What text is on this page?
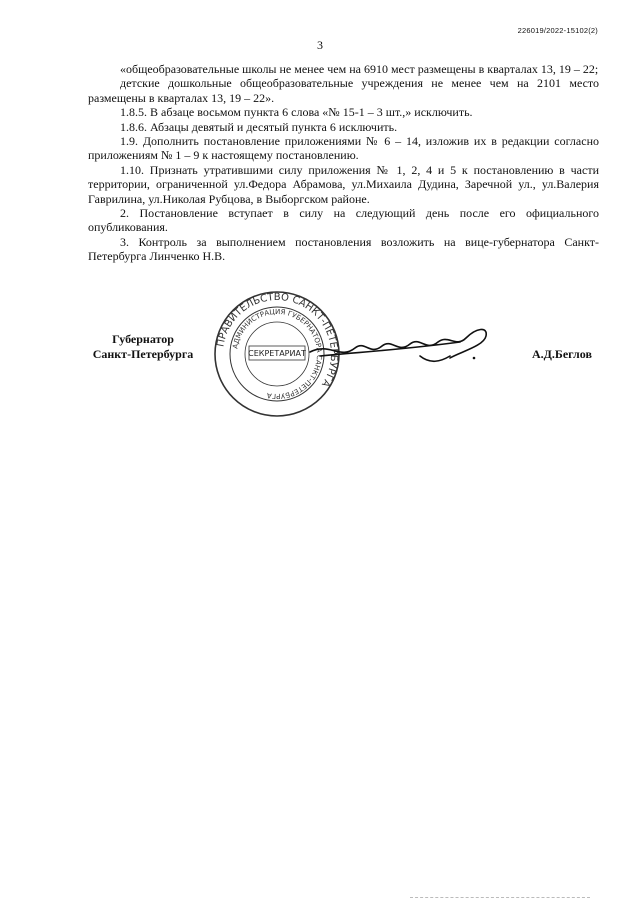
226019/2022-15102(2)
3

«общеобразовательные школы не менее чем на 6910 мест размещены в кварталах 13, 19 – 22;

детские дошкольные общеобразовательные учреждения не менее чем на 2101 место размещены в кварталах 13, 19 – 22».

1.8.5. В абзаце восьмом пункта 6 слова «№ 15-1 – 3 шт.,» исключить.

1.8.6. Абзацы девятый и десятый пункта 6 исключить.

1.9. Дополнить постановление приложениями № 6 – 14, изложив их в редакции согласно приложениям № 1 – 9 к настоящему постановлению.

1.10. Признать утратившими силу приложения № 1, 2, 4 и 5 к постановлению в части территории, ограниченной ул.Федора Абрамова, ул.Михаила Дудина, Заречной ул., ул.Валерия Гаврилина, ул.Николая Рубцова, в Выборгском районе.

2. Постановление вступает в силу на следующий день после его официального опубликования.

3. Контроль за выполнением постановления возложить на вице-губернатора Санкт-Петербурга Линченко Н.В.

Губернатор
Санкт-Петербурга
ПРАВИТЕЛЬСТВО САНКТ-ПЕТЕРБУРГА
АДМИНИСТРАЦИЯ ГУБЕРНАТОРА САНКТ-ПЕТЕРБУРГА
СЕКРЕТАРИАТ	А.Д.Беглов
